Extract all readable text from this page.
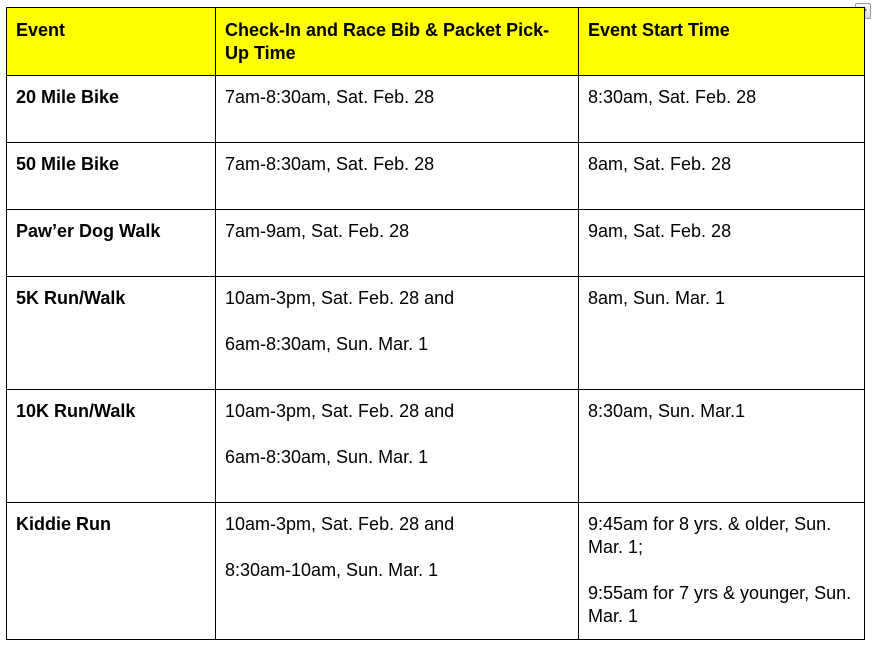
Event	Check-In and Race Bib & Packet Pick-Up Time	Event Start Time
20 Mile Bike	7am-8:30am, Sat. Feb. 28	8:30am, Sat. Feb. 28

50 Mile Bike	7am-8:30am, Sat. Feb. 28	8am, Sat. Feb. 28

Paw’er Dog Walk	7am-9am, Sat. Feb. 28	9am, Sat. Feb. 28

5K Run/Walk	10am-3pm, Sat. Feb. 28 and
6am-8:30am, Sun. Mar. 1	8am, Sun. Mar. 1

10K Run/Walk	10am-3pm, Sat. Feb. 28 and
6am-8:30am, Sun. Mar. 1	8:30am, Sun. Mar.1

Kiddie Run	10am-3pm, Sat. Feb. 28 and
8:30am-10am, Sun. Mar. 1	9:45am for 8 yrs. & older, Sun. Mar. 1;
9:55am for 7 yrs & younger, Sun. Mar. 1
